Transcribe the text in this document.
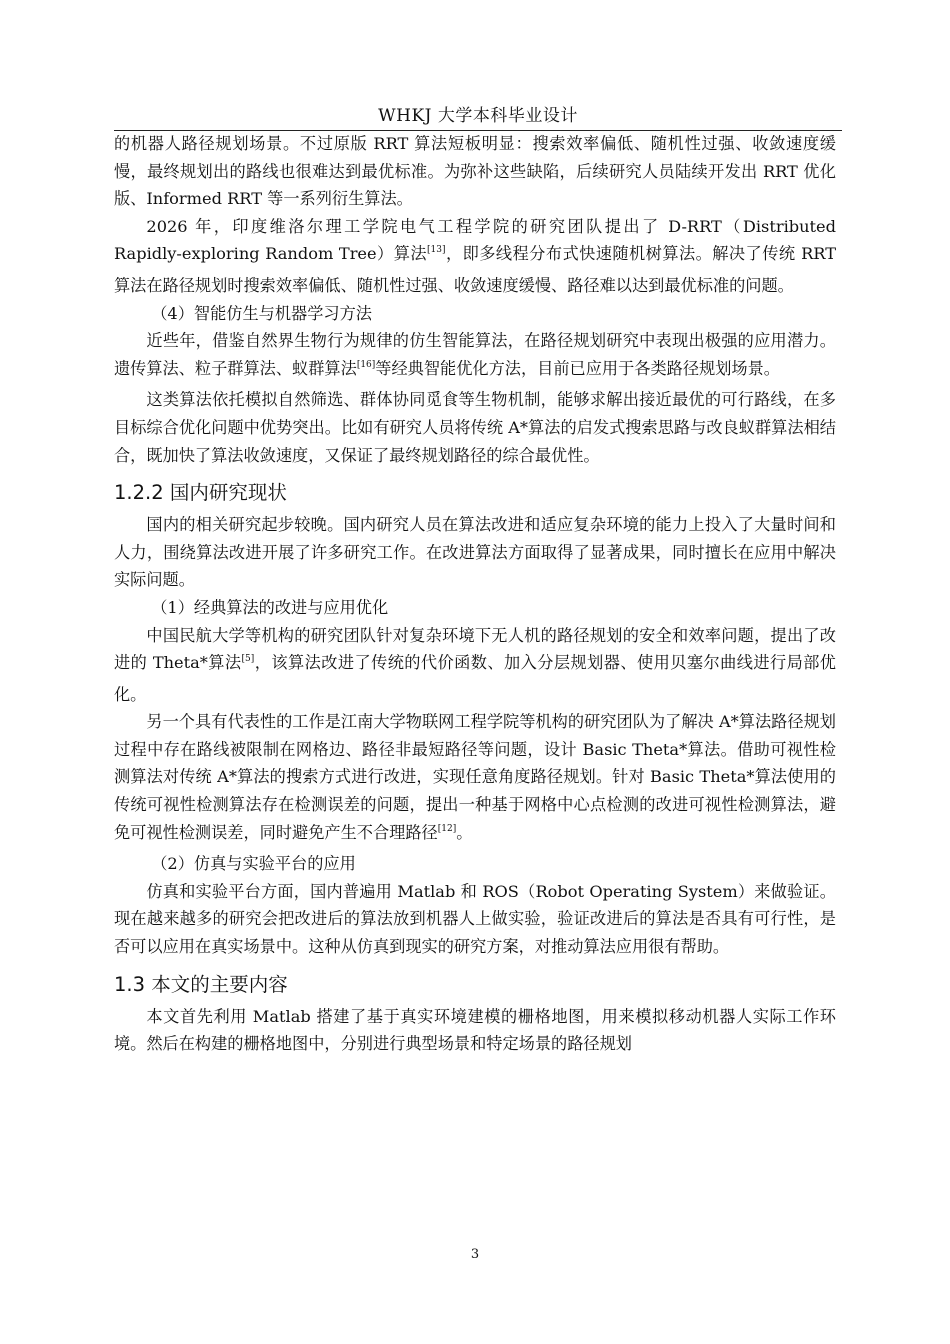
WHKJ 大学本科毕业设计

的机器人路径规划场景。不过原版 RRT 算法短板明显：搜索效率偏低、随机性过强、收敛速度缓慢，最终规划出的路线也很难达到最优标准。为弥补这些缺陷，后续研究人员陆续开发出 RRT 优化版、Informed RRT 等一系列衍生算法。

2026 年，印度维洛尔理工学院电气工程学院的研究团队提出了 D-RRT（Distributed Rapidly-exploring Random Tree）算法[13]，即多线程分布式快速随机树算法。解决了传统 RRT 算法在路径规划时搜索效率偏低、随机性过强、收敛速度缓慢、路径难以达到最优标准的问题。

（4）智能仿生与机器学习方法

近些年，借鉴自然界生物行为规律的仿生智能算法，在路径规划研究中表现出极强的应用潜力。遗传算法、粒子群算法、蚁群算法[16]等经典智能优化方法，目前已应用于各类路径规划场景。

这类算法依托模拟自然筛选、群体协同觅食等生物机制，能够求解出接近最优的可行路线，在多目标综合优化问题中优势突出。比如有研究人员将传统 A*算法的启发式搜索思路与改良蚁群算法相结合，既加快了算法收敛速度，又保证了最终规划路径的综合最优性。

1.2.2 国内研究现状

国内的相关研究起步较晚。国内研究人员在算法改进和适应复杂环境的能力上投入了大量时间和人力，围绕算法改进开展了许多研究工作。在改进算法方面取得了显著成果，同时擅长在应用中解决实际问题。

（1）经典算法的改进与应用优化

中国民航大学等机构的研究团队针对复杂环境下无人机的路径规划的安全和效率问题，提出了改进的 Theta*算法[5]，该算法改进了传统的代价函数、加入分层规划器、使用贝塞尔曲线进行局部优化。

另一个具有代表性的工作是江南大学物联网工程学院等机构的研究团队为了解决 A*算法路径规划过程中存在路线被限制在网格边、路径非最短路径等问题，设计 Basic Theta*算法。借助可视性检测算法对传统 A*算法的搜索方式进行改进，实现任意角度路径规划。针对 Basic Theta*算法使用的传统可视性检测算法存在检测误差的问题，提出一种基于网格中心点检测的改进可视性检测算法，避免可视性检测误差，同时避免产生不合理路径[12]。

（2）仿真与实验平台的应用

仿真和实验平台方面，国内普遍用 Matlab 和 ROS（Robot Operating System）来做验证。现在越来越多的研究会把改进后的算法放到机器人上做实验，验证改进后的算法是否具有可行性，是否可以应用在真实场景中。这种从仿真到现实的研究方案，对推动算法应用很有帮助。

1.3 本文的主要内容

本文首先利用 Matlab 搭建了基于真实环境建模的栅格地图，用来模拟移动机器人实际工作环境。然后在构建的栅格地图中，分别进行典型场景和特定场景的路径规划

3
